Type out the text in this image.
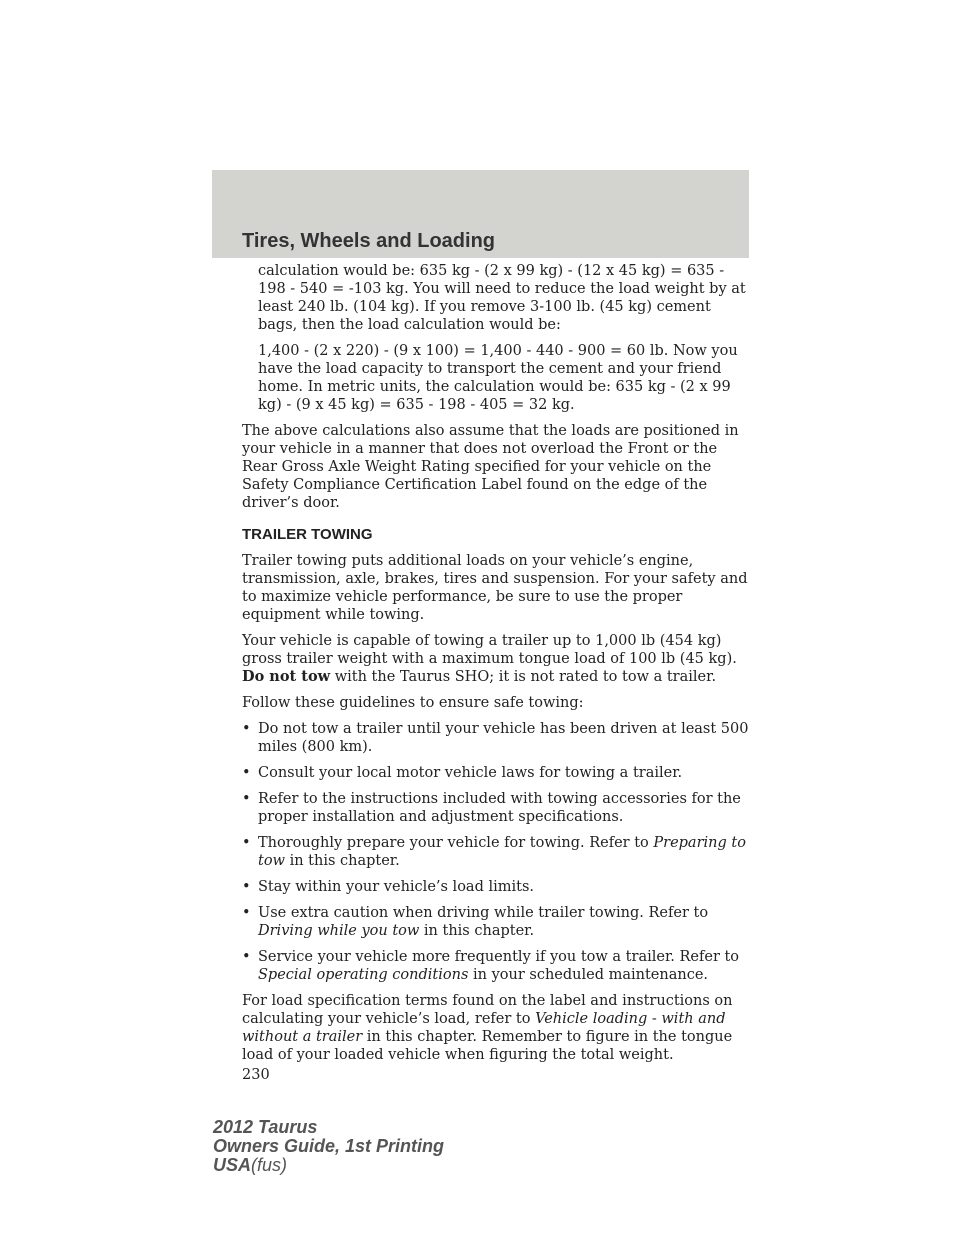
Tires, Wheels and Loading

calculation would be: 635 kg - (2 x 99 kg) - (12 x 45 kg) = 635 - 198 - 540 = -103 kg. You will need to reduce the load weight by at least 240 lb. (104 kg). If you remove 3-100 lb. (45 kg) cement bags, then the load calculation would be:

1,400 - (2 x 220) - (9 x 100) = 1,400 - 440 - 900 = 60 lb. Now you have the load capacity to transport the cement and your friend home. In metric units, the calculation would be: 635 kg - (2 x 99 kg) - (9 x 45 kg) = 635 - 198 - 405 = 32 kg.

The above calculations also assume that the loads are positioned in your vehicle in a manner that does not overload the Front or the Rear Gross Axle Weight Rating specified for your vehicle on the Safety Compliance Certification Label found on the edge of the driver’s door.

TRAILER TOWING

Trailer towing puts additional loads on your vehicle’s engine, transmission, axle, brakes, tires and suspension. For your safety and to maximize vehicle performance, be sure to use the proper equipment while towing.

Your vehicle is capable of towing a trailer up to 1,000 lb (454 kg) gross trailer weight with a maximum tongue load of 100 lb (45 kg). Do not tow with the Taurus SHO; it is not rated to tow a trailer.

Follow these guidelines to ensure safe towing:

• Do not tow a trailer until your vehicle has been driven at least 500 miles (800 km).
• Consult your local motor vehicle laws for towing a trailer.
• Refer to the instructions included with towing accessories for the proper installation and adjustment specifications.
• Thoroughly prepare your vehicle for towing. Refer to Preparing to tow in this chapter.
• Stay within your vehicle’s load limits.
• Use extra caution when driving while trailer towing. Refer to Driving while you tow in this chapter.
• Service your vehicle more frequently if you tow a trailer. Refer to Special operating conditions in your scheduled maintenance.

For load specification terms found on the label and instructions on calculating your vehicle’s load, refer to Vehicle loading - with and without a trailer in this chapter. Remember to figure in the tongue load of your loaded vehicle when figuring the total weight.

230
2012 Taurus
Owners Guide, 1st Printing
USA(fus)
